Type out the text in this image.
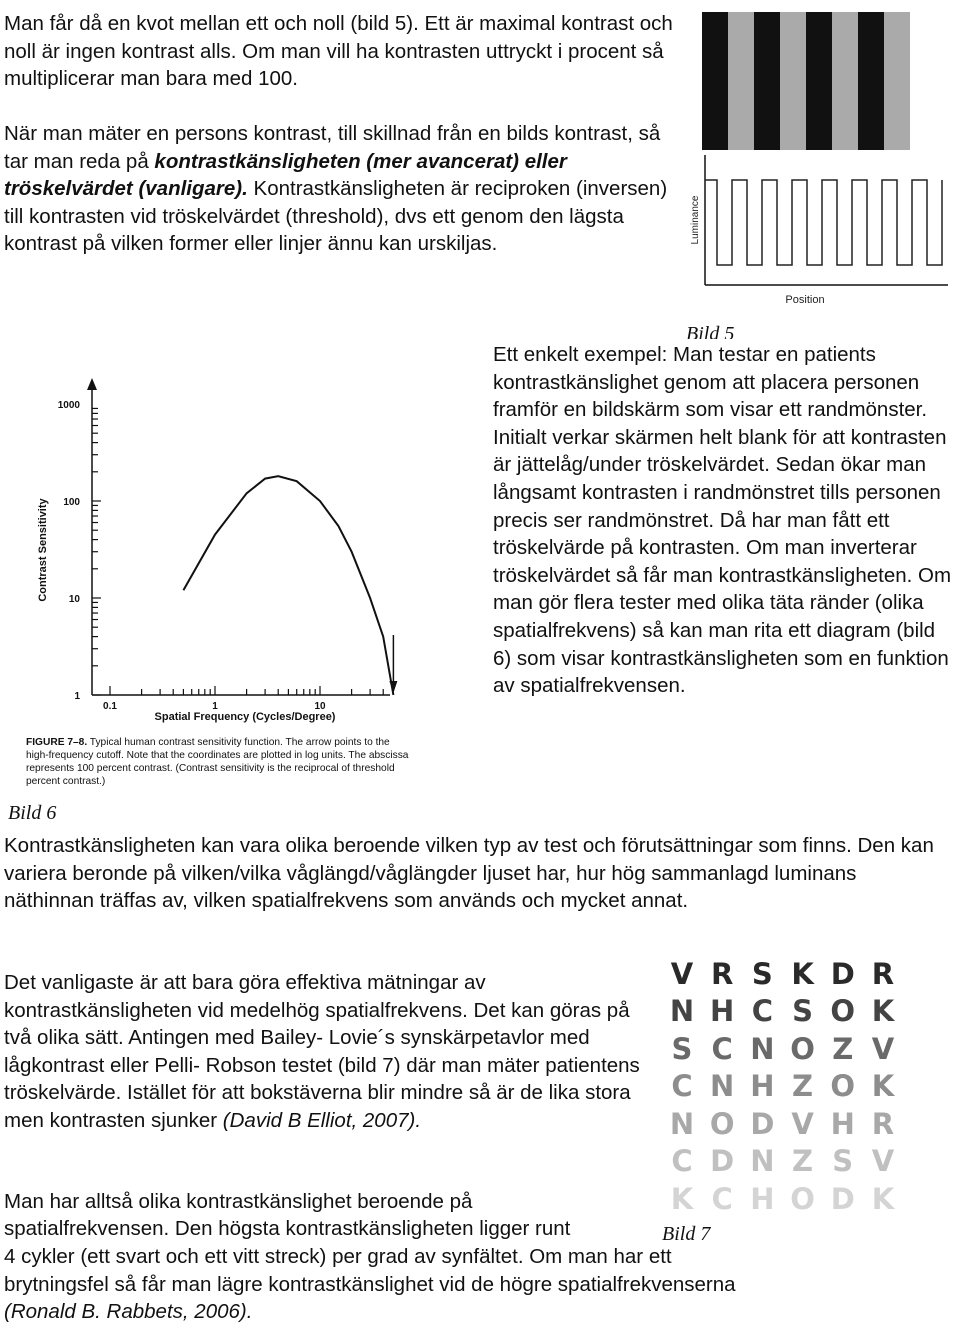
Man får då en kvot mellan ett och noll (bild 5). Ett är maximal kontrast och noll är ingen kontrast alls. Om man vill ha kontrasten uttryckt i procent så multiplicerar man bara med 100.
När man mäter en persons kontrast, till skillnad från en bilds kontrast, så tar man reda på kontrastkänsligheten (mer avancerat) eller tröskelvärdet (vanligare). Kontrastkänsligheten är reciproken (inversen) till kontrasten vid tröskelvärdet (threshold), dvs ett genom den lägsta kontrast på vilken former eller linjer ännu kan urskiljas.	Luminance
Position
Bild 5
Ett enkelt exempel: Man testar en patients kontrastkänslighet genom att placera personen framför en bildskärm som visar ett randmönster. Initialt verkar skärmen helt blank för att kontrasten är jättelåg/under tröskelvärdet. Sedan ökar man långsamt kontrasten i randmönstret tills personen precis ser randmönstret. Då har man fått ett tröskelvärde på kontrasten. Om man inverterar tröskelvärdet så får man kontrastkänsligheten. Om man gör flera tester med olika täta ränder (olika spatialfrekvens) så kan man rita ett diagram (bild 6) som visar kontrastkänsligheten som en funktion av spatialfrekvensen.
1
10
100
1000
0.1	1	10
Contrast Sensitivity
Spatial Frequency (Cycles/Degree)
FIGURE 7–8. Typical human contrast sensitivity function. The arrow points to the high-frequency cutoff. Note that the coordinates are plotted in log units. The abscissa represents 100 percent contrast. (Contrast sensitivity is the reciprocal of threshold percent contrast.)
Bild 6
Kontrastkänsligheten kan vara olika beroende vilken typ av test och förutsättningar som finns. Den kan variera beronde på vilken/vilka våglängd/våglängder ljuset har, hur hög sammanlagd luminans näthinnan träffas av, vilken spatialfrekvens som används och mycket annat.
Det vanligaste är att bara göra effektiva mätningar av kontrastkänsligheten vid medelhög spatialfrekvens. Det kan göras på två olika sätt. Antingen med Bailey- Lovie´s synskärpetavlor med lågkontrast eller Pelli- Robson testet (bild 7) där man mäter patientens tröskelvärde. Istället för att bokstäverna blir mindre så är de lika stora men kontrasten sjunker (David B Elliot, 2007).
V R S K D R
N H C S O K
S C N O Z V
C N H Z O K
N O D V H R
C D N Z S V
K C H O D K
Bild 7
Man har alltså olika kontrastkänslighet beroende på
spatialfrekvensen. Den högsta kontrastkänsligheten ligger runt
4 cykler (ett svart och ett vitt streck) per grad av synfältet. Om man har ett brytningsfel så får man lägre kontrastkänslighet vid de högre spatialfrekvenserna (Ronald B. Rabbets, 2006).
